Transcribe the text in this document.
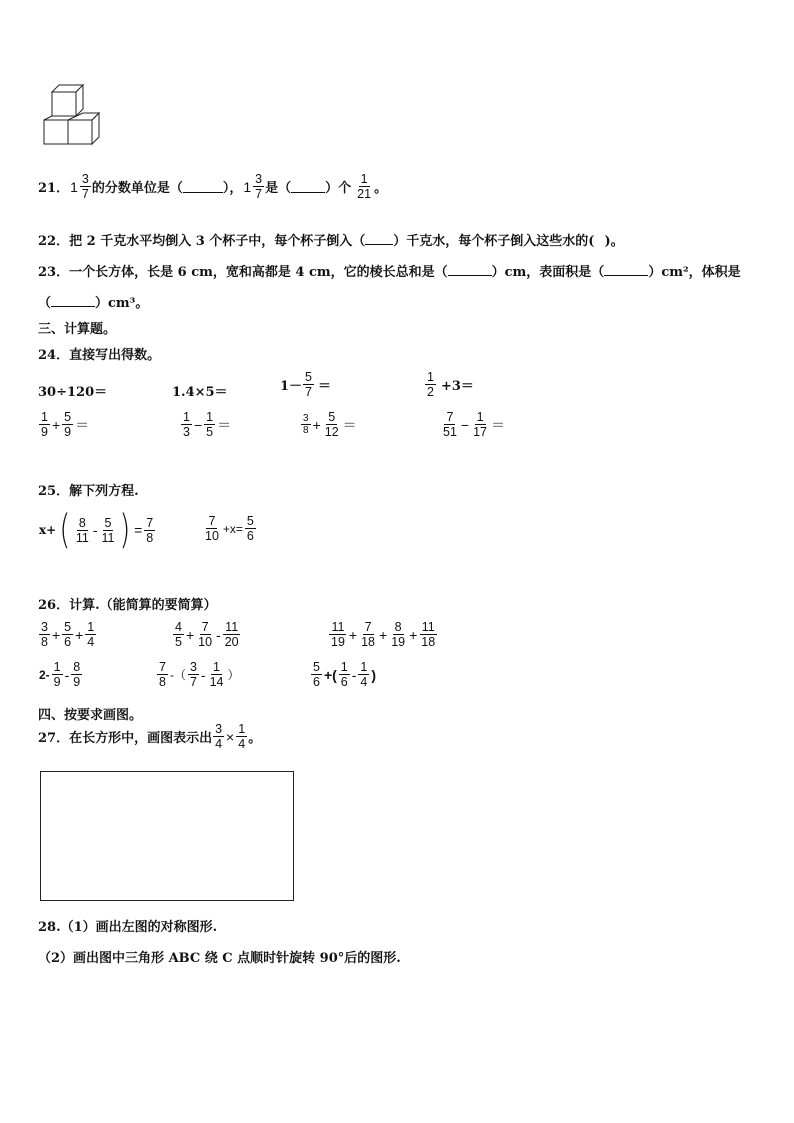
21． $1 \frac{3}{7}$ 的分数单位是（	）， $1 \frac{3}{7}$ 是（	）个 $\frac{1}{21}$ 。
22．把 2 千克水平均倒入 3 个杯子中，每个杯子倒入（ ）千克水，每个杯子倒入这些水的( )。
23．一个长方体，长是 6 cm，宽和高都是 4 cm，它的棱长总和是（	）cm，表面积是（	）cm²，体积是
（	）cm³。
三、计算题。
24．直接写出得数。
30÷120＝	1.4×5＝	$1- \frac{5}{7}$ ＝	$\frac{1}{2} +3=$
$\frac{1}{9} + \frac{5}{9}$ ＝	$\frac{1}{3} - \frac{1}{5}$ ＝	$\frac{3}{8} + \frac{5}{12}$ ＝	$\frac{7}{51} - \frac{1}{17}$ ＝
25．解下列方程.
x+ ( $\frac{8}{11} - \frac{5}{11}$ ) = $\frac{7}{8}$	$\frac{7}{10} +x= \frac{5}{6}$
26．计算.（能简算的要简算）
$\frac{3}{8} + \frac{5}{6} + \frac{1}{4}$	$\frac{4}{5} + \frac{7}{10} - \frac{11}{20}$	$\frac{11}{19} + \frac{7}{18} + \frac{8}{19} + \frac{11}{18}$
$2- \frac{1}{9} - \frac{8}{9}$	$\frac{7}{8}$ -（ $\frac{3}{7} - \frac{1}{14}$ ）	$\frac{5}{6}$ +( $\frac{1}{6} - \frac{1}{4}$ )
四、按要求画图。
27．在长方形中，画图表示出 $\frac{3}{4} \times \frac{1}{4}$ 。
28.（1）画出左图的对称图形.
（2）画出图中三角形 ABC 绕 C 点顺时针旋转 90°后的图形.
